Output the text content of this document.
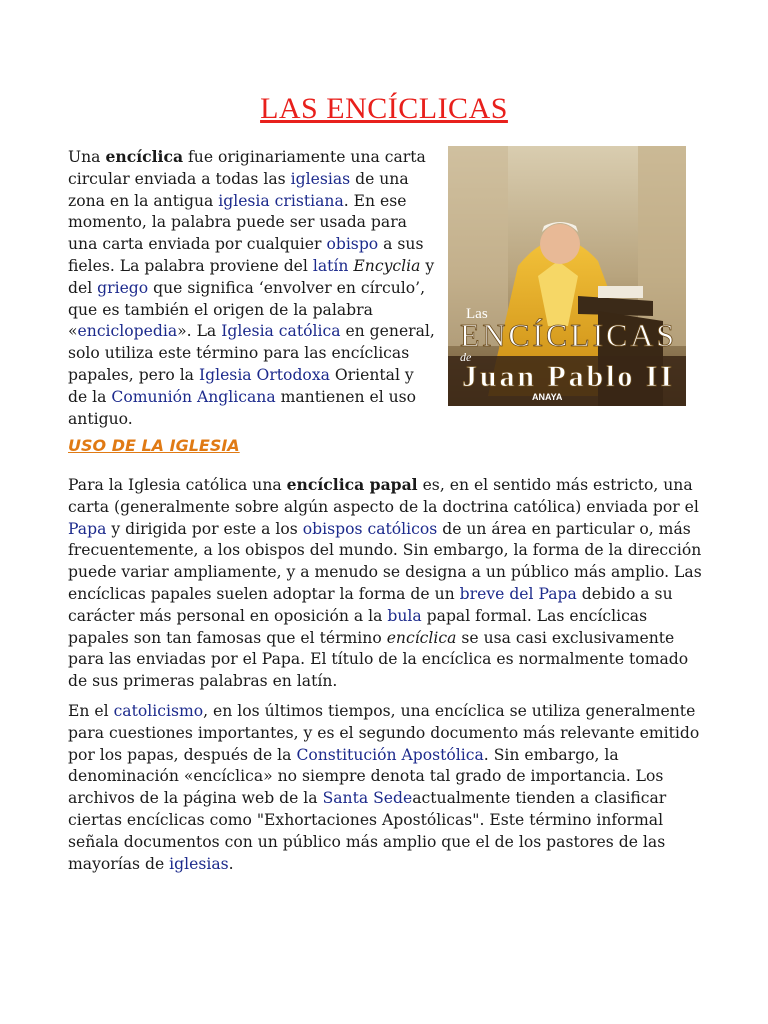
LAS ENCÍCLICAS

Una encíclica fue originariamente una carta circular enviada a todas las iglesias de una zona en la antigua iglesia cristiana. En ese momento, la palabra puede ser usada para una carta enviada por cualquier obispo a sus fieles. La palabra proviene del latín Encyclia y del griego que significa ‘envolver en círculo’, que es también el origen de la palabra «enciclopedia». La Iglesia católica en general, solo utiliza este término para las encíclicas papales, pero la Iglesia Ortodoxa Oriental y de la Comunión Anglicana mantienen el uso antiguo.

Las
ENCÍCLICAS
de
Juan Pablo II
ANAYA
USO DE LA IGLESIA

Para la Iglesia católica una encíclica papal es, en el sentido más estricto, una carta (generalmente sobre algún aspecto de la doctrina católica) enviada por el Papa y dirigida por este a los obispos católicos de un área en particular o, más frecuentemente, a los obispos del mundo. Sin embargo, la forma de la dirección puede variar ampliamente, y a menudo se designa a un público más amplio. Las encíclicas papales suelen adoptar la forma de un breve del Papa debido a su carácter más personal en oposición a la bula papal formal. Las encíclicas papales son tan famosas que el término encíclica se usa casi exclusivamente para las enviadas por el Papa. El título de la encíclica es normalmente tomado de sus primeras palabras en latín.

En el catolicismo, en los últimos tiempos, una encíclica se utiliza generalmente para cuestiones importantes, y es el segundo documento más relevante emitido por los papas, después de la Constitución Apostólica. Sin embargo, la denominación «encíclica» no siempre denota tal grado de importancia. Los archivos de la página web de la Santa Sedeactualmente tienden a clasificar ciertas encíclicas como "Exhortaciones Apostólicas". Este término informal señala documentos con un público más amplio que el de los pastores de las mayorías de iglesias.
